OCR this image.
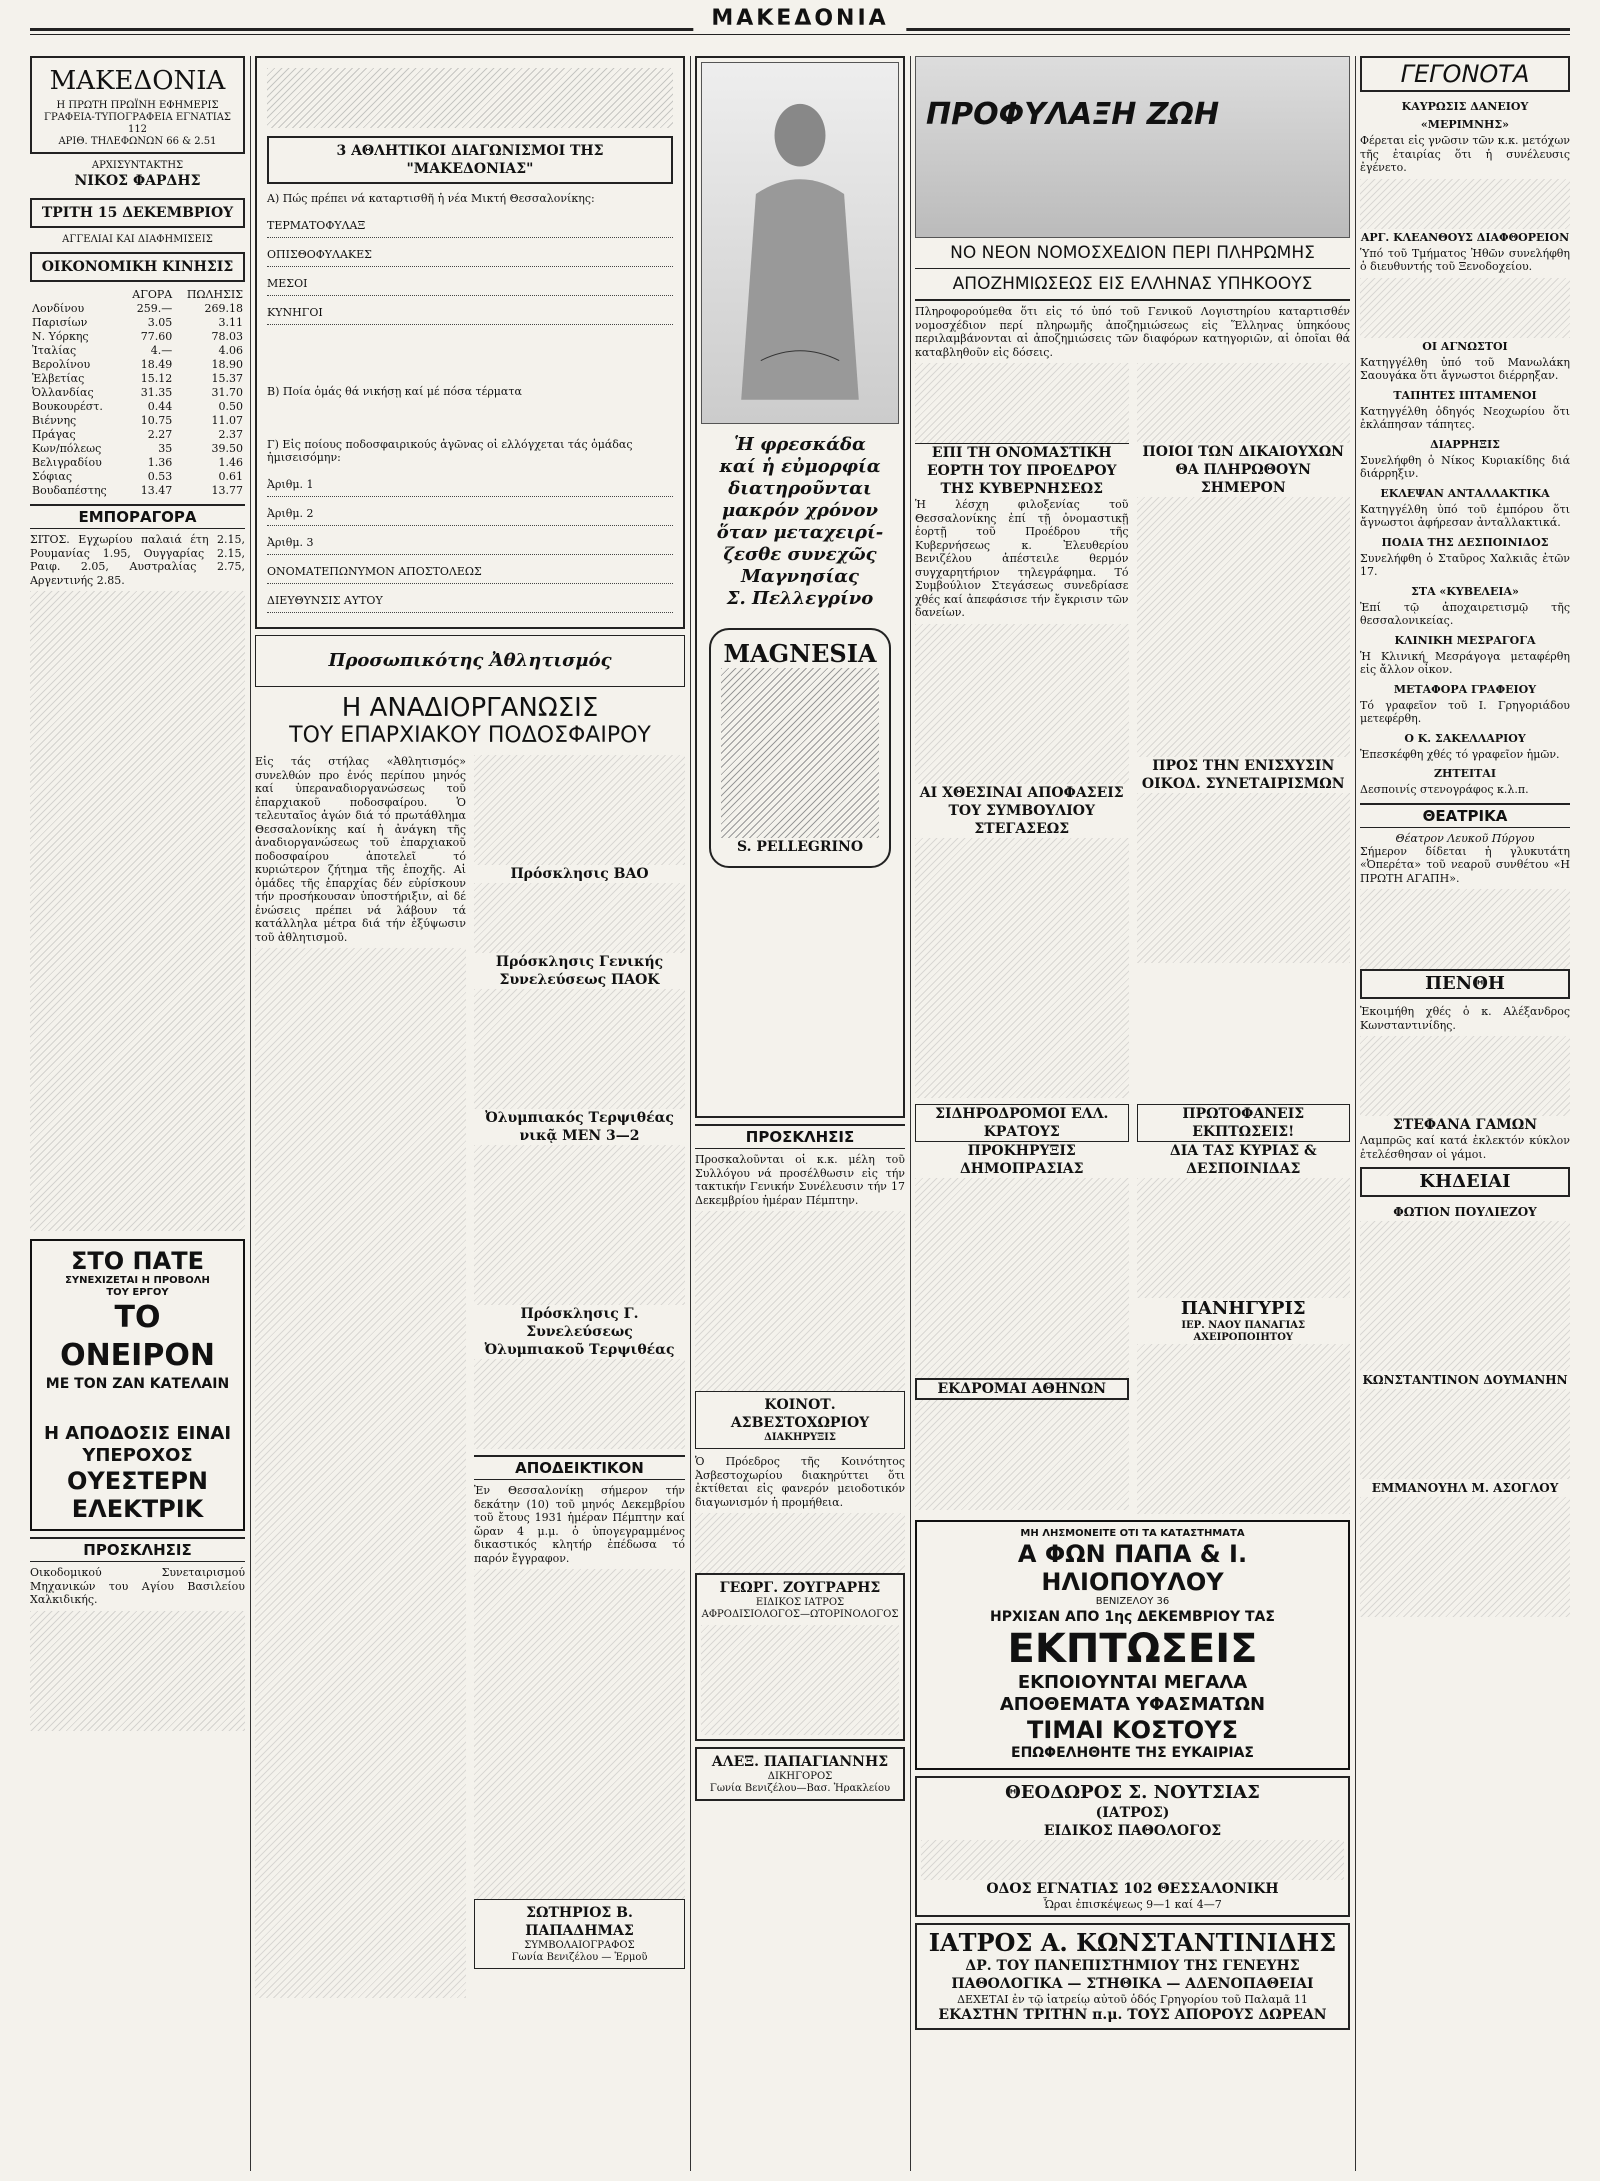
ΜΑΚΕΔΟΝΙΑ
ΜΑΚΕΔΟΝΙΑ
Η ΠΡΩΤΗ ΠΡΩΪΝΗ ΕΦΗΜΕΡΙΣ
ΓΡΑΦΕΙΑ-ΤΥΠΟΓΡΑΦΕΙΑ ΕΓΝΑΤΙΑΣ 112
ΑΡΙΘ. ΤΗΛΕΦΩΝΩΝ 66 & 2.51
ΑΡΧΙΣΥΝΤΑΚΤΗΣ
ΝΙΚΟΣ ΦΑΡΔΗΣ
ΤΡΙΤΗ 15 ΔΕΚΕΜΒΡΙΟΥ
ΑΓΓΕΛΙΑΙ ΚΑΙ ΔΙΑΦΗΜΙΣΕΙΣ
ΟΙΚΟΝΟΜΙΚΗ ΚΙΝΗΣΙΣ
	ΑΓΟΡΑ	ΠΩΛΗΣΙΣ
Λονδίνου	259.—	269.18
Παρισίων	3.05	3.11
Ν. Υόρκης	77.60	78.03
Ἰταλίας	4.—	4.06
Βερολίνου	18.49	18.90
Ἑλβετίας	15.12	15.37
Ὀλλανδίας	31.35	31.70
Βουκουρέστ.	0.44	0.50
Βιέννης	10.75	11.07
Πράγας	2.27	2.37
Κων/πόλεως	35	39.50
Βελιγραδίου	1.36	1.46
Σόφιας	0.53	0.61
Βουδαπέστης	13.47	13.77
ΕΜΠΟΡΑΓΟΡΑ

ΣΙΤΟΣ. Εγχωρίου παλαιά έτη 2.15, Ρουμανίας 1.95, Ουγγαρίας 2.15, Ραιφ. 2.05, Αυστραλίας 2.75, Αργεντινής 2.85.

ΣΤΟ ΠΑΤΕ
ΣΥΝΕΧΙΖΕΤΑΙ Η ΠΡΟΒΟΛΗ
ΤΟΥ ΕΡΓΟΥ
ΤΟ ΟΝΕΙΡΟΝ
ΜΕ ΤΟΝ ΖΑΝ ΚΑΤΕΛΑΙΝ
Η ΑΠΟΔΟΣΙΣ ΕΙΝΑΙ ΥΠΕΡΟΧΟΣ
ΟΥΕΣΤΕΡΝ ΕΛΕΚΤΡΙΚ
ΠΡΟΣΚΛΗΣΙΣ

Οικοδομικού Συνεταιρισμού Μηχανικών του Αγίου Βασιλείου Χαλκιδικής.

3 ΑΘΛΗΤΙΚΟΙ ΔΙΑΓΩΝΙΣΜΟΙ ΤΗΣ "ΜΑΚΕΔΟΝΙΑΣ"
Α) Πώς πρέπει νά καταρτισθῆ ἡ νέα Μικτή Θεσσαλονίκης:
ΤΕΡΜΑΤΟΦΥΛΑΞ
ΟΠΙΣΘΟΦΥΛΑΚΕΣ
ΜΕΣΟΙ
ΚΥΝΗΓΟΙ
Β) Ποία ὁμάς θά νικήσῃ καί μέ πόσα τέρματα
Γ) Εἰς ποίους ποδοσφαιρικούς ἀγῶνας οἱ ελλόγχεται τάς ὁμάδας ἡμισεισόμην:
Ἀριθμ. 1
Ἀριθμ. 2
Ἀριθμ. 3
ΟΝΟΜΑΤΕΠΩΝΥΜΟΝ ΑΠΟΣΤΟΛΕΩΣ
ΔΙΕΥΘΥΝΣΙΣ ΑΥΤΟΥ
Προσωπικότης Ἀθλητισμός
Η ΑΝΑΔΙΟΡΓΑΝΩΣΙΣ
ΤΟΥ ΕΠΑΡΧΙΑΚΟΥ ΠΟΔΟΣΦΑΙΡΟΥ

Εἰς τάς στήλας «Ἀθλητισμός» συνελθών προ ἑνός περίπου μηνός καί ὑπεραναδιοργανώσεως τοῦ ἐπαρχιακοῦ ποδοσφαίρου. Ὁ τελευταῖος ἀγών διά τό πρωτάθλημα Θεσσαλονίκης καί ἡ ἀνάγκη τῆς ἀναδιοργανώσεως τοῦ ἐπαρχιακοῦ ποδοσφαίρου ἀποτελεῖ τό κυριώτερον ζήτημα τῆς ἐποχῆς. Αἱ ὁμάδες τῆς ἐπαρχίας δέν εὑρίσκουν τήν προσήκουσαν ὑποστήριξιν, αἱ δέ ἑνώσεις πρέπει νά λάβουν τά κατάλληλα μέτρα διά τήν ἐξύψωσιν τοῦ ἀθλητισμοῦ.

Πρόσκλησις ΒΑΟ
Πρόσκλησις Γενικής Συνελεύσεως ΠΑΟΚ
Ὀλυμπιακός Τερψιθέας νικᾷ ΜΕΝ 3—2
Πρόσκλησις Γ. Συνελεύσεως Ὀλυμπιακοῦ Τερψιθέας
ΑΠΟΔΕΙΚΤΙΚΟΝ

Ἐν Θεσσαλονίκῃ σήμερον τήν δεκάτην (10) τοῦ μηνός Δεκεμβρίου τοῦ ἔτους 1931 ἡμέραν Πέμπτην καί ὥραν 4 μ.μ. ὁ ὑπογεγραμμένος δικαστικός κλητήρ ἐπέδωσα τό παρόν ἔγγραφον.

ΣΩΤΗΡΙΟΣ Β. ΠΑΠΑΔΗΜΑΣ
ΣΥΜΒΟΛΑΙΟΓΡΑΦΟΣ
Γωνία Βενιζέλου — Ἑρμοῦ
Ἡ φρεσκάδα
καί ἡ εὐμορφία
διατηροῦνται
μακρόν χρόνον
ὅταν μεταχειρί-
ζεσθε συνεχῶς
Μαγνησίας
Σ. Πελλεγρίνο
MAGNESIA
S. PELLEGRINO
ΠΡΟΣΚΛΗΣΙΣ

Προσκαλοῦνται οἱ κ.κ. μέλη τοῦ Συλλόγου νά προσέλθωσιν εἰς τήν τακτικήν Γενικήν Συνέλευσιν τήν 17 Δεκεμβρίου ἡμέραν Πέμπτην.

ΚΟΙΝΟΤ. ΑΣΒΕΣΤΟΧΩΡΙΟΥ
ΔΙΑΚΗΡΥΞΙΣ

Ὁ Πρόεδρος τῆς Κοινότητος Ἀσβεστοχωρίου διακηρύττει ὅτι ἐκτίθεται εἰς φανερόν μειοδοτικόν διαγωνισμόν ἡ προμήθεια.

ΓΕΩΡΓ. ΖΟΥΓΡΑΡΗΣ
ΕΙΔΙΚΟΣ ΙΑΤΡΟΣ
ΑΦΡΟΔΙΣΙΟΛΟΓΟΣ—ΩΤΟΡΙΝΟΛΟΓΟΣ
ΑΛΕΞ. ΠΑΠΑΓΙΑΝΝΗΣ
ΔΙΚΗΓΟΡΟΣ
Γωνία Βενιζέλου—Βασ. Ἡρακλείου
ΠΡΟΦΥΛΑΞΗ ΖΩΗ
ΝΟ ΝΕΟΝ ΝΟΜΟΣΧΕΔΙΟΝ ΠΕΡΙ ΠΛΗΡΩΜΗΣ
ΑΠΟΖΗΜΙΩΣΕΩΣ ΕΙΣ ΕΛΛΗΝΑΣ ΥΠΗΚΟΟΥΣ

Πληροφορούμεθα ὅτι εἰς τό ὑπό τοῦ Γενικοῦ Λογιστηρίου καταρτισθέν νομοσχέδιον περί πληρωμῆς ἀποζημιώσεως εἰς Ἕλληνας ὑπηκόους περιλαμβάνονται αἱ ἀποζημιώσεις τῶν διαφόρων κατηγοριῶν, αἱ ὁποῖαι θά καταβληθοῦν εἰς δόσεις.

ΕΠΙ ΤΗ ΟΝΟΜΑΣΤΙΚΗ ΕΟΡΤΗ ΤΟΥ ΠΡΟΕΔΡΟΥ ΤΗΣ ΚΥΒΕΡΝΗΣΕΩΣ

Ἡ λέσχη φιλοξενίας τοῦ Θεσσαλονίκης ἐπί τῇ ὀνομαστικῇ ἑορτῇ τοῦ Προέδρου τῆς Κυβερνήσεως κ. Ἐλευθερίου Βενιζέλου ἀπέστειλε θερμόν συγχαρητήριον τηλεγράφημα. Τό Συμβούλιον Στεγάσεως συνεδρίασε χθές καί ἀπεφάσισε τήν ἔγκρισιν τῶν δανείων.

ΑΙ ΧΘΕΣΙΝΑΙ ΑΠΟΦΑΣΕΙΣ ΤΟΥ ΣΥΜΒΟΥΛΙΟΥ ΣΤΕΓΑΣΕΩΣ
ΠΟΙΟΙ ΤΩΝ ΔΙΚΑΙΟΥΧΩΝ ΘΑ ΠΛΗΡΩΘΟΥΝ ΣΗΜΕΡΟΝ
ΠΡΟΣ ΤΗΝ ΕΝΙΣΧΥΣΙΝ ΟΙΚΟΔ. ΣΥΝΕΤΑΙΡΙΣΜΩΝ
ΣΙΔΗΡΟΔΡΟΜΟΙ ΕΛΛ. ΚΡΑΤΟΥΣ
ΠΡΟΚΗΡΥΞΙΣ ΔΗΜΟΠΡΑΣΙΑΣ
ΕΚΔΡΟΜΑΙ ΑΘΗΝΩΝ
ΠΡΩΤΟΦΑΝΕΙΣ ΕΚΠΤΩΣΕΙΣ!
ΔΙΑ ΤΑΣ ΚΥΡΙΑΣ & ΔΕΣΠΟΙΝΙΔΑΣ
ΠΑΝΗΓΥΡΙΣ
ΙΕΡ. ΝΑΟΥ ΠΑΝΑΓΙΑΣ ΑΧΕΙΡΟΠΟΙΗΤΟΥ
ΜΗ ΛΗΣΜΟΝΕΙΤΕ ΟΤΙ ΤΑ ΚΑΤΑΣΤΗΜΑΤΑ
Α ΦΩΝ ΠΑΠΑ & Ι. ΗΛΙΟΠΟΥΛΟΥ
ΒΕΝΙΖΕΛΟΥ 36
ΗΡΧΙΣΑΝ ΑΠΟ 1ης ΔΕΚΕΜΒΡΙΟΥ ΤΑΣ
ΕΚΠΤΩΣΕΙΣ
ΕΚΠΟΙΟΥΝΤΑΙ ΜΕΓΑΛΑ
ΑΠΟΘΕΜΑΤΑ ΥΦΑΣΜΑΤΩΝ
ΤΙΜΑΙ ΚΟΣΤΟΥΣ
ΕΠΩΦΕΛΗΘΗΤΕ ΤΗΣ ΕΥΚΑΙΡΙΑΣ
ΘΕΟΔΩΡΟΣ Σ. ΝΟΥΤΣΙΑΣ
(ΙΑΤΡΟΣ)
ΕΙΔΙΚΟΣ ΠΑΘΟΛΟΓΟΣ
ΟΔΟΣ ΕΓΝΑΤΙΑΣ 102 ΘΕΣΣΑΛΟΝΙΚΗ
Ὧραι ἐπισκέψεως 9—1 καί 4—7
ΙΑΤΡΟΣ Α. ΚΩΝΣΤΑΝΤΙΝΙΔΗΣ
ΔΡ. ΤΟΥ ΠΑΝΕΠΙΣΤΗΜΙΟΥ ΤΗΣ ΓΕΝΕΥΗΣ
ΠΑΘΟΛΟΓΙΚΑ — ΣΤΗΘΙΚΑ — ΑΔΕΝΟΠΑΘΕΙΑΙ
ΔΕΧΕΤΑΙ ἐν τῷ ἰατρείῳ αὐτοῦ ὁδός Γρηγορίου τοῦ Παλαμᾶ 11
ΕΚΑΣΤΗΝ ΤΡΙΤΗΝ π.μ. ΤΟΥΣ ΑΠΟΡΟΥΣ ΔΩΡΕΑΝ
ΓΕΓΟΝΟΤΑ
ΚΑΥΡΩΣΙΣ ΔΑΝΕΙΟΥ «ΜΕΡΙΜΝΗΣ»

Φέρεται εἰς γνῶσιν τῶν κ.κ. μετόχων τῆς ἐταιρίας ὅτι ἡ συνέλευσις ἐγένετο.

ΑΡΓ. ΚΛΕΑΝΘΟΥΣ ΔΙΑΦΘΟΡΕΙΟΝ

Ὑπό τοῦ Τμήματος Ἠθῶν συνελήφθη ὁ διευθυντής τοῦ Ξενοδοχείου.

ΟΙ ΑΓΝΩΣΤΟΙ

Κατηγγέλθη ὑπό τοῦ Μανωλάκη Σαουγάκα ὅτι ἄγνωστοι διέρρηξαν.

ΤΑΠΗΤΕΣ ΙΠΤΑΜΕΝΟΙ

Κατηγγέλθη ὁδηγός Νεοχωρίου ὅτι ἐκλάπησαν τάπητες.

ΔΙΑΡΡΗΞΙΣ

Συνελήφθη ὁ Νίκος Κυριακίδης διά διάρρηξιν.

ΕΚΛΕΨΑΝ ΑΝΤΑΛΛΑΚΤΙΚΑ

Κατηγγέλθη ὑπό τοῦ ἐμπόρου ὅτι ἄγνωστοι ἀφήρεσαν ἀνταλλακτικά.

ΠΟΔΙΑ ΤΗΣ ΔΕΣΠΟΙΝΙΔΟΣ

Συνελήφθη ὁ Σταῦρος Χαλκιᾶς ἐτῶν 17.

ΣΤΑ «ΚΥΒΕΛΕΙΑ»

Ἐπί τῷ ἀποχαιρετισμῷ τῆς θεσσαλονικείας.

ΚΛΙΝΙΚΗ ΜΕΣΡΑΓΟΓΑ

Ἡ Κλινική Μεσράγογα μεταφέρθη εἰς ἄλλον οἶκον.

ΜΕΤΑΦΟΡΑ ΓΡΑΦΕΙΟΥ

Τό γραφεῖον τοῦ Ι. Γρηγοριάδου μετεφέρθη.

Ο Κ. ΣΑΚΕΛΛΑΡΙΟΥ

Ἐπεσκέφθη χθές τό γραφεῖον ἡμῶν.

ΖΗΤΕΙΤΑΙ

Δεσποινίς στενογράφος κ.λ.π.

ΘΕΑΤΡΙΚΑ
Θέατρον Λευκοῦ Πύργου

Σήμερον δίδεται ἡ γλυκυτάτη «Ὀπερέτα» τοῦ νεαροῦ συνθέτου «Η ΠΡΩΤΗ ΑΓΑΠΗ».

ΠΕΝΘΗ

Ἐκοιμήθη χθές ὁ κ. Αλέξανδρος Κωνσταντινίδης.

ΣΤΕΦΑΝΑ ΓΑΜΩΝ

Λαμπρῶς καί κατά ἐκλεκτόν κύκλον ἐτελέσθησαν οἱ γάμοι.

ΚΗΔΕΙΑΙ
ΦΩΤΙΟΝ ΠΟΥΛΙΕΖΟΥ
ΚΩΝΣΤΑΝΤΙΝΟΝ ΔΟΥΜΑΝΗΝ
ΕΜΜΑΝΟΥΗΛ Μ. ΑΣΟΓΛΟΥ
